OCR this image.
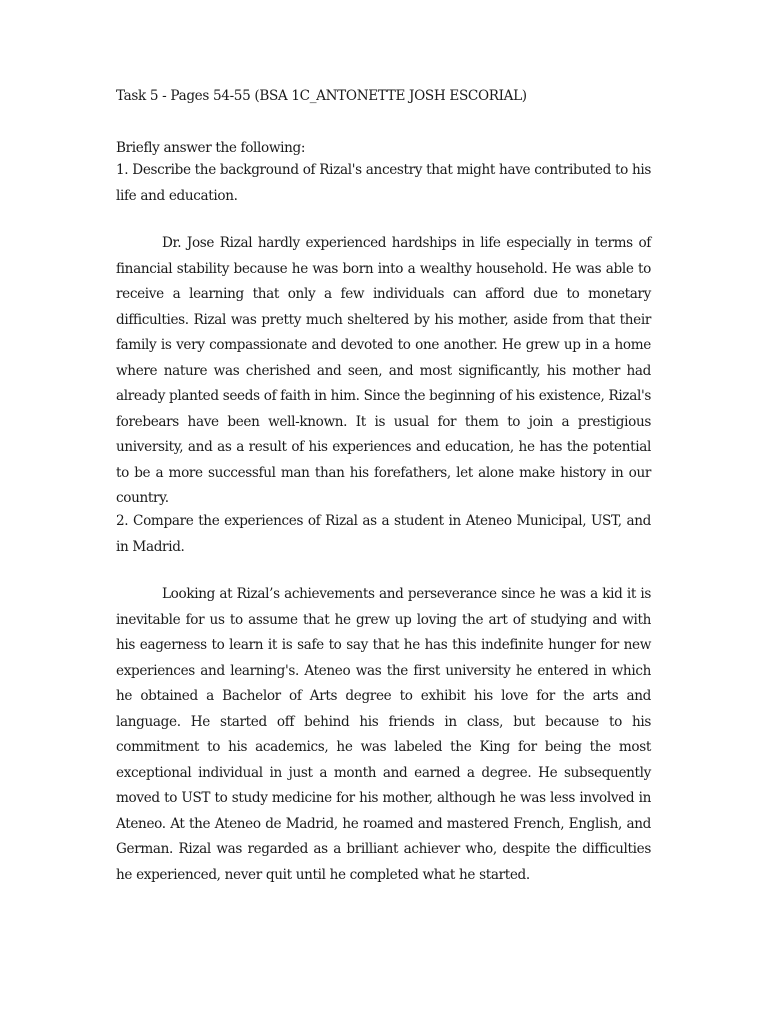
Task 5 - Pages 54-55 (BSA 1C_ANTONETTE JOSH ESCORIAL)
Briefly answer the following:

1. Describe the background of Rizal's ancestry that might have contributed to his life and education.

Dr. Jose Rizal hardly experienced hardships in life especially in terms of financial stability because he was born into a wealthy household. He was able to receive a learning that only a few individuals can afford due to monetary difficulties. Rizal was pretty much sheltered by his mother, aside from that their family is very compassionate and devoted to one another. He grew up in a home where nature was cherished and seen, and most significantly, his mother had already planted seeds of faith in him. Since the beginning of his existence, Rizal's forebears have been well-known. It is usual for them to join a prestigious university, and as a result of his experiences and education, he has the potential to be a more successful man than his forefathers, let alone make history in our country.

2. Compare the experiences of Rizal as a student in Ateneo Municipal, UST, and in Madrid.

Looking at Rizal’s achievements and perseverance since he was a kid it is inevitable for us to assume that he grew up loving the art of studying and with his eagerness to learn it is safe to say that he has this indefinite hunger for new experiences and learning's. Ateneo was the first university he entered in which he obtained a Bachelor of Arts degree to exhibit his love for the arts and language. He started off behind his friends in class, but because to his commitment to his academics, he was labeled the King for being the most exceptional individual in just a month and earned a degree. He subsequently moved to UST to study medicine for his mother, although he was less involved in Ateneo. At the Ateneo de Madrid, he roamed and mastered French, English, and German. Rizal was regarded as a brilliant achiever who, despite the difficulties he experienced, never quit until he completed what he started.
